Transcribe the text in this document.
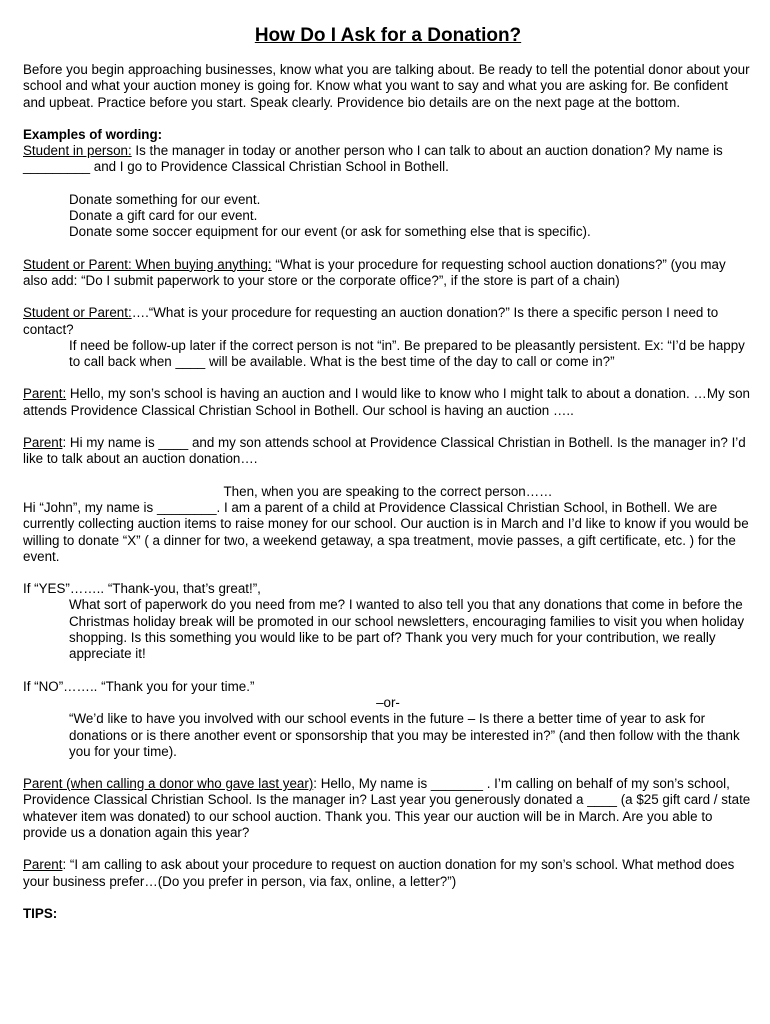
How Do I Ask for a Donation?

Before you begin approaching businesses, know what you are talking about. Be ready to tell the potential donor about your school and what your auction money is going for. Know what you want to say and what you are asking for. Be confident and upbeat. Practice before you start. Speak clearly. Providence bio details are on the next page at the bottom.

Examples of wording:
Student in person: Is the manager in today or another person who I can talk to about an auction donation? My name is _________ and I go to Providence Classical Christian School in Bothell.
Donate something for our event.
Donate a gift card for our event.
Donate some soccer equipment for our event (or ask for something else that is specific).

Student or Parent: When buying anything: “What is your procedure for requesting school auction donations?” (you may also add: “Do I submit paperwork to your store or the corporate office?”, if the store is part of a chain)

Student or Parent:….“What is your procedure for requesting an auction donation?” Is there a specific person I need to contact?
If need be follow-up later if the correct person is not “in”. Be prepared to be pleasantly persistent. Ex: “I’d be happy to call back when ____ will be available. What is the best time of the day to call or come in?”

Parent: Hello, my son’s school is having an auction and I would like to know who I might talk to about a donation. …My son attends Providence Classical Christian School in Bothell. Our school is having an auction …..

Parent: Hi my name is ____ and my son attends school at Providence Classical Christian in Bothell. Is the manager in? I’d like to talk about an auction donation….

Then, when you are speaking to the correct person……

Hi “John”, my name is ________. I am a parent of a child at Providence Classical Christian School, in Bothell. We are currently collecting auction items to raise money for our school. Our auction is in March and I’d like to know if you would be willing to donate “X” ( a dinner for two, a weekend getaway, a spa treatment, movie passes, a gift certificate, etc. ) for the event.

If “YES”…….. “Thank-you, that’s great!”,
What sort of paperwork do you need from me? I wanted to also tell you that any donations that come in before the Christmas holiday break will be promoted in our school newsletters, encouraging families to visit you when holiday shopping. Is this something you would like to be part of? Thank you very much for your contribution, we really appreciate it!
If “NO”…….. “Thank you for your time.”
–or-
“We’d like to have you involved with our school events in the future – Is there a better time of year to ask for donations or is there another event or sponsorship that you may be interested in?” (and then follow with the thank you for your time).

Parent (when calling a donor who gave last year): Hello, My name is _______ . I’m calling on behalf of my son’s school, Providence Classical Christian School. Is the manager in? Last year you generously donated a ____ (a $25 gift card / state whatever item was donated) to our school auction. Thank you. This year our auction will be in March. Are you able to provide us a donation again this year?

Parent: “I am calling to ask about your procedure to request on auction donation for my son’s school. What method does your business prefer…(Do you prefer in person, via fax, online, a letter?”)

TIPS:
